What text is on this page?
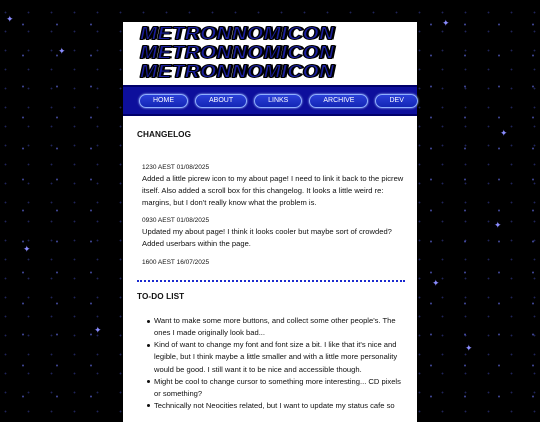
✦
✦
✦
✦
✦
✦
✦
✦
✦
METRONNOMICON
METRONNOMICON
METRONNOMICON
HOME	ABOUT	LINKS	ARCHIVE	DEV
CHANGELOG
1230 AEST 01/08/2025
Added a little picrew icon to my about page! I need to link it back to the picrew itself. Also added a scroll box for this changelog. It looks a little weird re: margins, but I don't really know what the problem is.
0930 AEST 01/08/2025
Updated my about page! I think it looks cooler but maybe sort of crowded? Added userbars within the page.
1600 AEST 16/07/2025
TO-DO LIST
Want to make some more buttons, and collect some other people's. The ones I made originally look bad...
Kind of want to change my font and font size a bit. I like that it's nice and legible, but I think maybe a little smaller and with a little more personality would be good. I still want it to be nice and accessible though.
Might be cool to change cursor to something more interesting... CD pixels or something?
Technically not Neocities related, but I want to update my status cafe so
